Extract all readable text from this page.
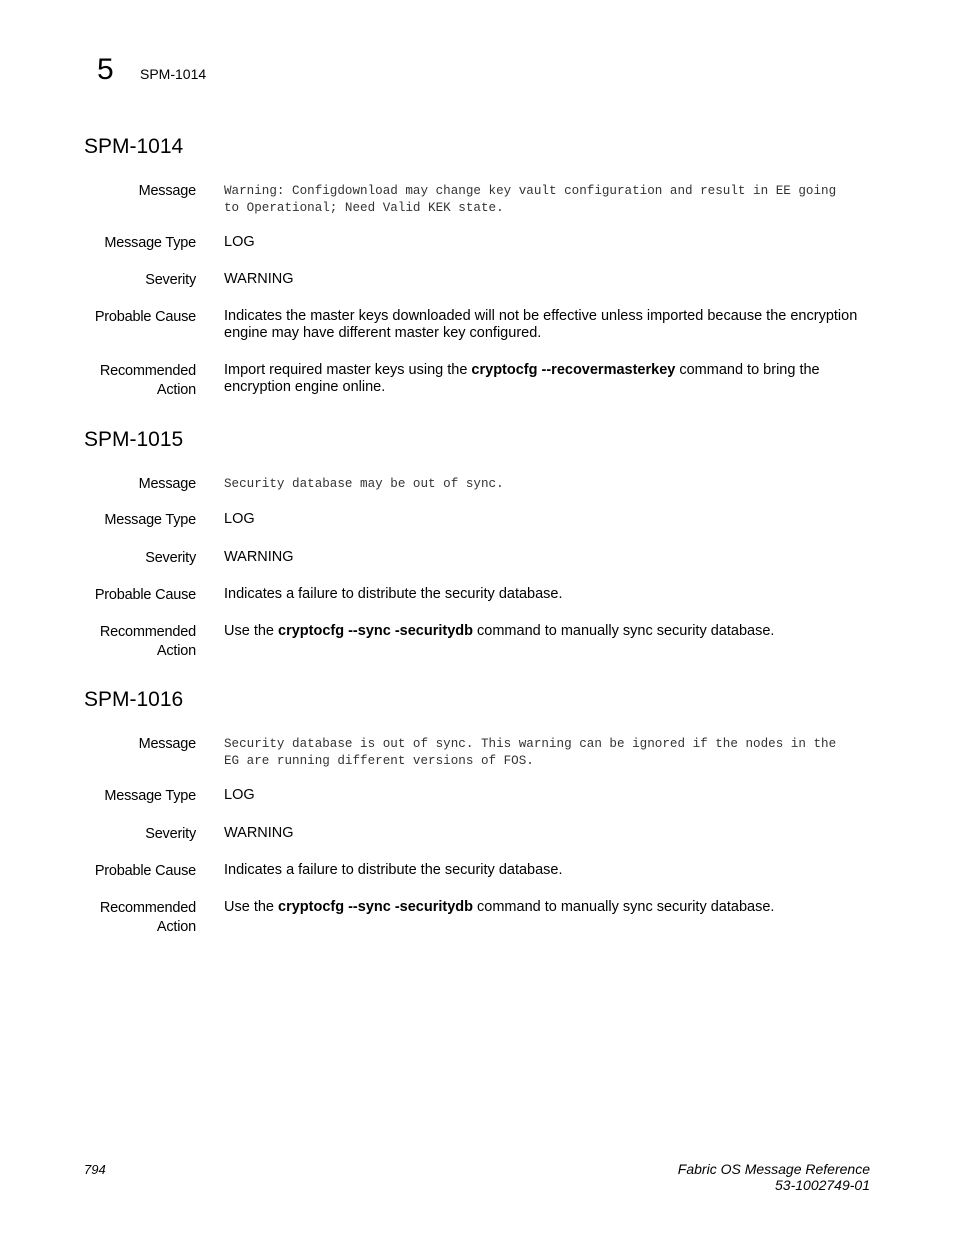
5 SPM-1014
SPM-1014
Message Warning: Configdownload may change key vault configuration and result in EE going
to Operational; Need Valid KEK state.
Message Type LOG
Severity WARNING
Probable Cause Indicates the master keys downloaded will not be effective unless imported because the encryption engine may have different master key configured.
Recommended
Action
Import required master keys using the cryptocfg --recovermasterkey command to bring the encryption engine online.
SPM-1015
Message Security database may be out of sync.
Message Type LOG
Severity WARNING
Probable Cause Indicates a failure to distribute the security database.
Recommended
Action
Use the cryptocfg --sync -securitydb command to manually sync security database.
SPM-1016
Message Security database is out of sync. This warning can be ignored if the nodes in the
EG are running different versions of FOS.
Message Type LOG
Severity WARNING
Probable Cause Indicates a failure to distribute the security database.
Recommended
Action
Use the cryptocfg --sync -securitydb command to manually sync security database.
794	Fabric OS Message Reference
53-1002749-01
